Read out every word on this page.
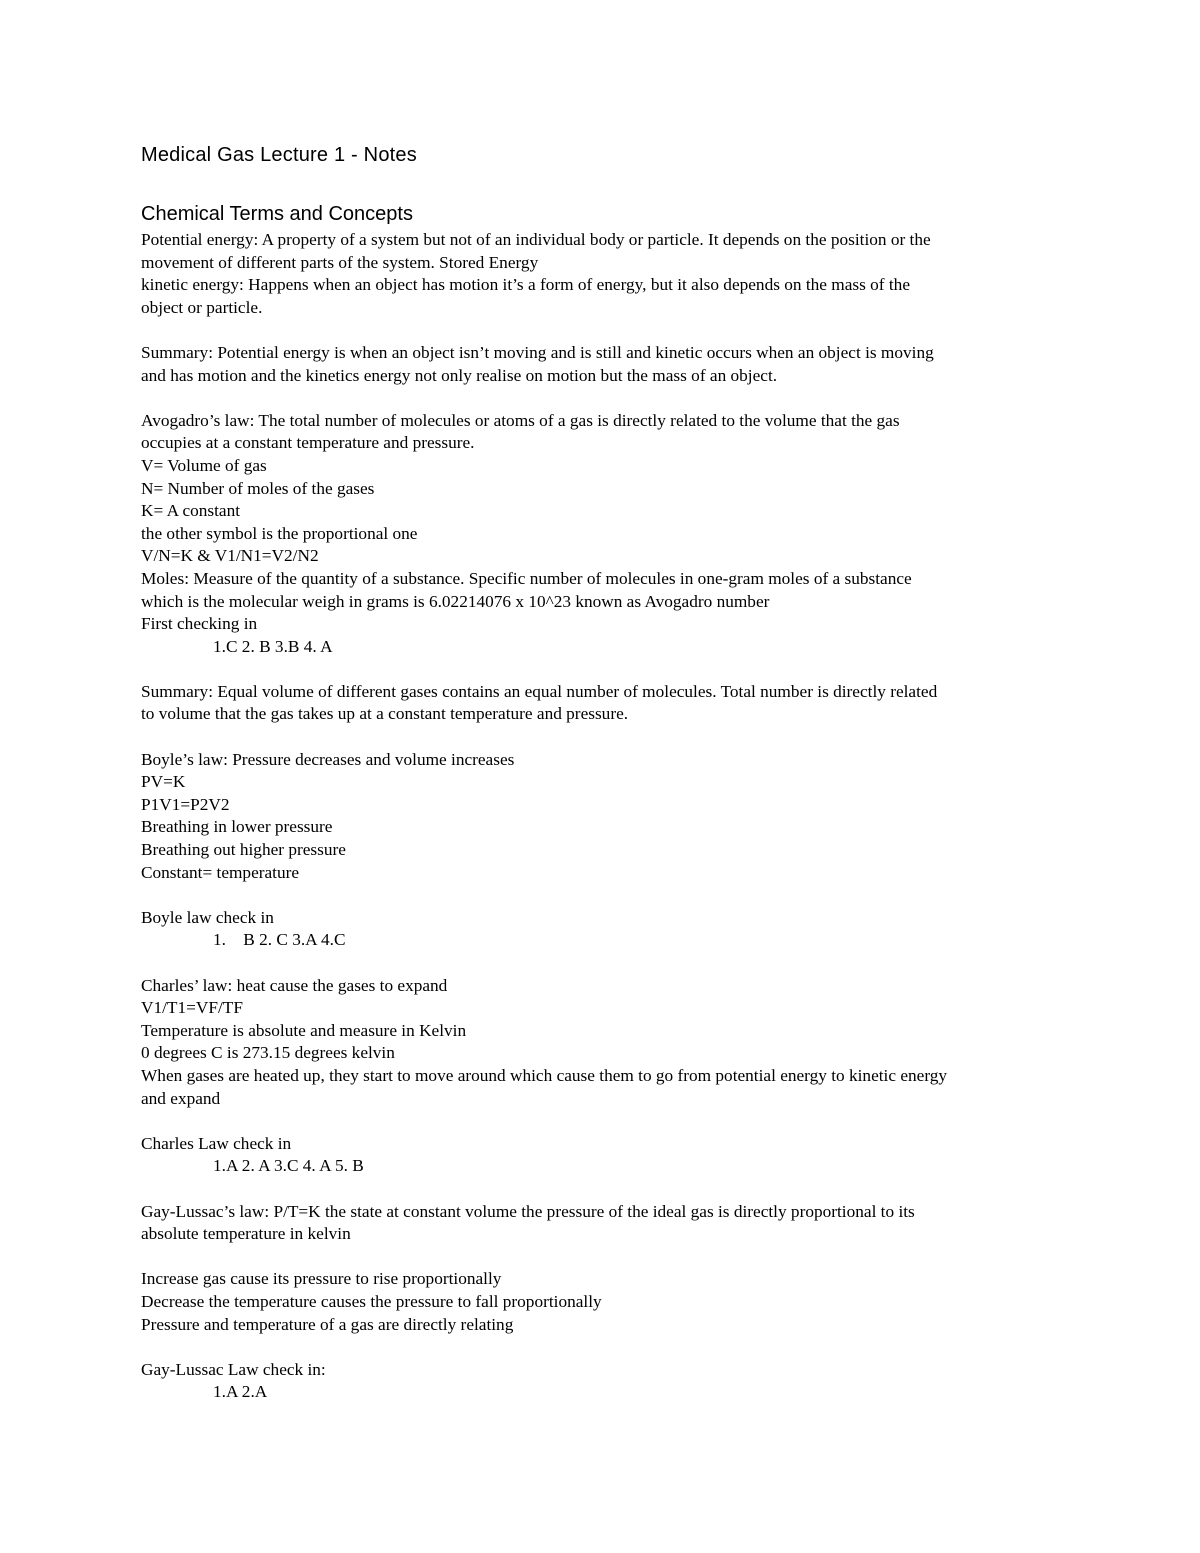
Medical Gas Lecture 1 - Notes
Chemical Terms and Concepts
Potential energy: A property of a system but not of an individual body or particle. It depends on the position or the
movement of different parts of the system. Stored Energy
kinetic energy: Happens when an object has motion it’s a form of energy, but it also depends on the mass of the
object or particle.
Summary: Potential energy is when an object isn’t moving and is still and kinetic occurs when an object is moving
and has motion and the kinetics energy not only realise on motion but the mass of an object.
Avogadro’s law: The total number of molecules or atoms of a gas is directly related to the volume that the gas
occupies at a constant temperature and pressure.
V= Volume of gas
N= Number of moles of the gases
K= A constant
the other symbol is the proportional one
V/N=K & V1/N1=V2/N2
Moles: Measure of the quantity of a substance. Specific number of molecules in one-gram moles of a substance
which is the molecular weigh in grams is 6.02214076 x 10^23 known as Avogadro number
First checking in
1.C 2. B 3.B 4. A
Summary: Equal volume of different gases contains an equal number of molecules. Total number is directly related
to volume that the gas takes up at a constant temperature and pressure.
Boyle’s law: Pressure decreases and volume increases
PV=K
P1V1=P2V2
Breathing in lower pressure
Breathing out higher pressure
Constant= temperature
Boyle law check in
1.    B 2. C 3.A 4.C
Charles’ law: heat cause the gases to expand
V1/T1=VF/TF
Temperature is absolute and measure in Kelvin
0 degrees C is 273.15 degrees kelvin
When gases are heated up, they start to move around which cause them to go from potential energy to kinetic energy
and expand
Charles Law check in
1.A 2. A 3.C 4. A 5. B
Gay-Lussac’s law: P/T=K the state at constant volume the pressure of the ideal gas is directly proportional to its
absolute temperature in kelvin
Increase gas cause its pressure to rise proportionally
Decrease the temperature causes the pressure to fall proportionally
Pressure and temperature of a gas are directly relating
Gay-Lussac Law check in:
1.A 2.A
